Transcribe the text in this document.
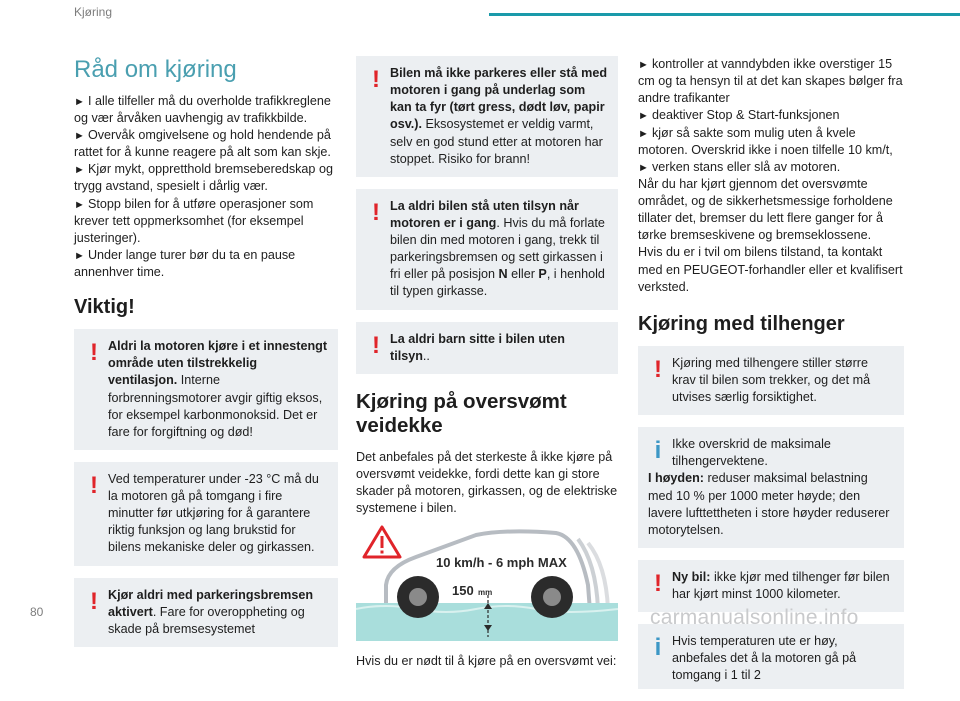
Kjøring
Råd om kjøring

► I alle tilfeller må du overholde trafikkreglene og vær årvåken uavhengig av trafikkbilde.

► Overvåk omgivelsene og hold hendende på rattet for å kunne reagere på alt som kan skje.

► Kjør mykt, oppretthold bremseberedskap og trygg avstand, spesielt i dårlig vær.

► Stopp bilen for å utføre operasjoner som krever tett oppmerksomhet (for eksempel justeringer).

► Under lange turer bør du ta en pause annenhver time.

Viktig!
! Aldri la motoren kjøre i et innestengt område uten tilstrekkelig ventilasjon. Interne forbrenningsmotorer avgir giftig eksos, for eksempel karbonmonoksid. Det er fare for forgiftning og død!

! Ved temperaturer under -23 °C må du la motoren gå på tomgang i fire minutter før utkjøring for å garantere riktig funksjon og lang brukstid for bilens mekaniske deler og girkassen.

! Kjør aldri med parkeringsbremsen aktivert. Fare for overoppheting og skade på bremsesystemet

! Bilen må ikke parkeres eller stå med motoren i gang på underlag som kan ta fyr (tørt gress, dødt løv, papir osv.). Eksosystemet er veldig varmt, selv en god stund etter at motoren har stoppet. Risiko for brann!

! La aldri bilen stå uten tilsyn når motoren er i gang. Hvis du må forlate bilen din med motoren i gang, trekk til parkeringsbremsen og sett girkassen i fri eller på posisjon N eller P, i henhold til typen girkasse.

! La aldri barn sitte i bilen uten tilsyn..

Kjøring på oversvømt veidekke

Det anbefales på det sterkeste å ikke kjøre på oversvømt veidekke, fordi dette kan gi store skader på motoren, girkassen, og de elektriske systemene i bilen.

10 km/h - 6 mph MAX
150 mm

Hvis du er nødt til å kjøre på en oversvømt vei:

► kontroller at vanndybden ikke overstiger 15 cm og ta hensyn til at det kan skapes bølger fra andre trafikanter

► deaktiver Stop & Start-funksjonen

► kjør så sakte som mulig uten å kvele motoren. Overskrid ikke i noen tilfelle 10 km/t,

► verken stans eller slå av motoren.

Når du har kjørt gjennom det oversvømte området, og de sikkerhetsmessige forholdene tillater det, bremser du lett flere ganger for å tørke bremseskivene og bremseklossene.

Hvis du er i tvil om bilens tilstand, ta kontakt med en PEUGEOT-forhandler eller et kvalifisert verksted.

Kjøring med tilhenger
! Kjøring med tilhengere stiller større krav til bilen som trekker, og det må utvises særlig forsiktighet.

i Ikke overskrid de maksimale tilhengervektene.

I høyden: reduser maksimal belastning med 10 % per 1000 meter høyde; den lavere lufttettheten i store høyder reduserer motorytelsen.

! Ny bil: ikke kjør med tilhenger før bilen har kjørt minst 1000 kilometer.

i Hvis temperaturen ute er høy, anbefales det å la motoren gå på tomgang i 1 til 2

80	carmanualsonline.info
